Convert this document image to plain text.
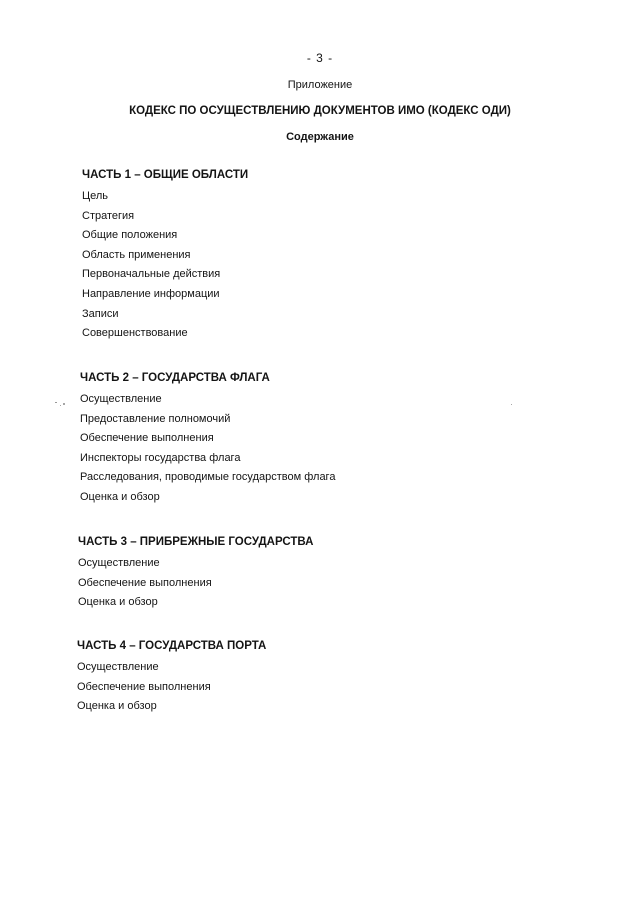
- 3 -
Приложение
КОДЕКС ПО ОСУЩЕСТВЛЕНИЮ ДОКУМЕНТОВ ИМО (КОДЕКС ОДИ)
Содержание
ЧАСТЬ 1 – ОБЩИЕ ОБЛАСТИ
Цель
Стратегия
Общие положения
Область применения
Первоначальные действия
Направление информации
Записи
Совершенствование
ЧАСТЬ 2 – ГОСУДАРСТВА ФЛАГА
Осуществление
Предоставление полномочий
Обеспечение выполнения
Инспекторы государства флага
Расследования, проводимые государством флага
Оценка и обзор
ЧАСТЬ 3 – ПРИБРЕЖНЫЕ ГОСУДАРСТВА
Осуществление
Обеспечение выполнения
Оценка и обзор
ЧАСТЬ 4 – ГОСУДАРСТВА ПОРТА
Осуществление
Обеспечение выполнения
Оценка и обзор
